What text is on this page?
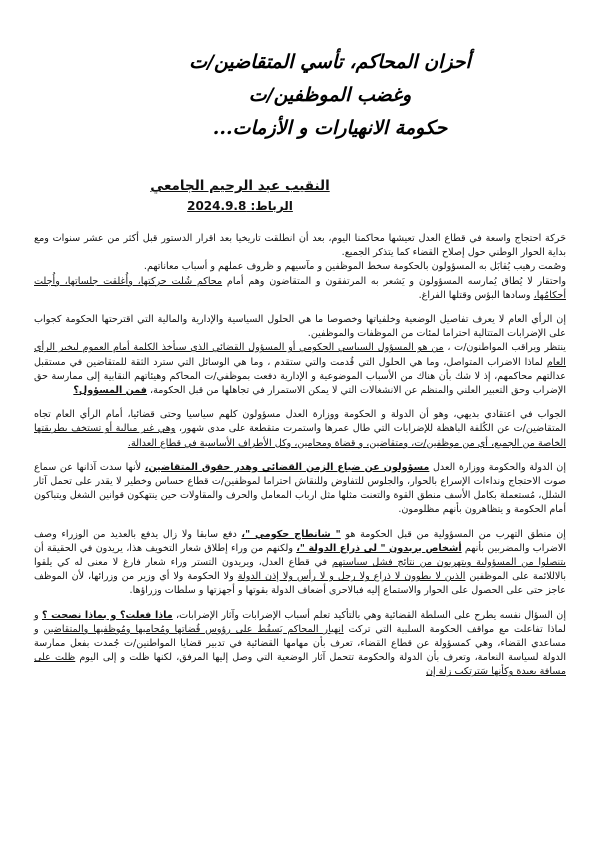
أحزان المحاكم، تأسي المتقاضين/ت
وغضب الموظفين/ت
حكومة الانهيارات و الأزمات...
النقيب عبد الرحيم الجامعي
الرباط: 2024.9.8

حَركة احتجاج واسعة في قطاع العدل تعيشها محاكمنا اليوم، بعد أن انطلقت تاريخيا بعد اقرار الدستور قبل أكثر من عشر سنوات ومع بداية الحوار الوطني حول إصلاح القضاء كما يتذكر الجميع.
وصُمت رهيب يُقابَل به المسؤولون بالحكومة سخط الموظفين و مآسيهم و ظروف عملهم و أسباب معاناتهم.
واحتقار لا يُطاق يُمارسه المسؤولون و يَشعر به المرتفقون و المتقاضون وهم أمام محاكم شُلت حركتها، وأُغلقت جلساتها، وأُجلت أحكامُها، وسادها البؤس وقتلها الفراغ.

إن الرأي العام لا يعرف تفاصيل الوضعية وخلفياتها وخصوصا ما هي الحلول السياسية والإدارية والمالية التي اقترحتها الحكومة كجواب على الإضرابات المتتالية احتراما لمئات من الموظفات والموظفين.
ينتظر ويراقب المواطنون/ت ، من هو المسؤول السياسي الحكومي أو المسؤول القضائي الذي سيأخذ الكلمة أمام العموم ليخبر الرأي العام لماذا الاضراب المتواصل، وما هي الحلول التي قُدمت والتي ستقدم ، وما هي الوسائل التي سترد الثقة للمتقاضين في مستقبل عدالتهم محاكمهم، إذ لا شك بأن هناك من الأسباب الموضوعية و الإدارية دفعت بموظفي/ت المحاكم وهيئاتهم النقابية إلى ممارسة حق الإضراب وحق التعبير العلني والمنظم عن الانشغالات التي لا يمكن الاستمرار في تجاهلها من قبل الحكومة، فمن المسؤول؟

الجواب في اعتقادي بديهي، وهو أن الدولة و الحكومة ووزارة العدل مسؤولون كلهم سياسيا وحتى قضائيا، أمام الرأي العام تجاه المتقاضين/ت عن الكُلفة الباهظة للإضرابات التي طال عمرها واستمرت متقطعة على مدى شهور، وهي غير مبالية أو تستخف بطريقتها الخاصة من الجميع، أي من موظفين/ت، ومتقاضين، و قضاة ومحامين، وكل الأطراف الأساسية في قطاع العدالة.

إن الدولة والحكومة ووزارة العدل مسؤولون عن ضياع الزمن القضائي وهدر حقوق المتقاضين، لأنها سدت آذانها عن سماع صوت الاحتجاج ونداءات الإسراع بالحوار، والجلوس للتفاوض وللنقاش احتراما لموظفين/ت قطاع حساس وخطير لا يقدر على تحمل آثار الشلل، مُستعملة بكامل الأسف منطق القوة والتعنت مثلها مثل ارباب المعامل والحرف والمقاولات حين ينتهكون قوانين الشغل ويتباكون أمام الحكومة و يتظاهرون بأنهم مظلومون.

إن منطق التهرب من المسؤولية من قبل الحكومة هو " شانطاج حكومي "، دفع سابقا ولا زال يدفع بالعديد من الوزراء وصف الاضراب والمضربين بأنهم أشخاص يريدون " لي ذراع الدولة "، ولكنهم من وراء إطلاق شعار التخويف هذا، يريدون في الحقيقة أن يتنصلوا من المسؤولية ويتهربون من نتائج فشل سياستهم في قطاع العدل، ويريدون التستر وراء شعار فارغ لا معنى له كي يلقوا بالاللائمة على الموظفين الذين لا يطوون لا ذراع ولا رجل و لا رأس ولا إذن الدولة ولا الحكومة ولا أي وزير من وزرائها، لأن الموظف عاجز حتى على الحصول على الحوار والاستماع إليه فبالاحرى أضعاف الدولة بقوتها و أجهزتها و سلطات وزراؤها.

إن السؤال نفسه يطرح على السلطة القضائية وهي بالتأكيد تعلم أسباب الإضرابات وآثار الإضرابات، ماذا فعلت؟ و بماذا نصحت ؟ و لماذا تفاعلت مع مواقف الحكومة السلبية التي تركت انهيار المحاكم يَسقُط على رؤوس قُضاتها ومُحاميها ومُوظفيها والمتقاضين و مساعدي القضاء، وهي كمسؤولة عن قطاع القضاء، تعرف بأن مهامها القضائية في تدبير قضايا المواطنين/ت جُمدت بفعل ممارسة الدولة لسياسة النعامة، وتعرف بأن الدولة والحكومة تتحمل آثار الوضعية التي وصل إليها المرفق، لكنها ظلت و إلى اليوم ظلت على مسافة بعيدة وكأنها سَترتكب زلة إن
